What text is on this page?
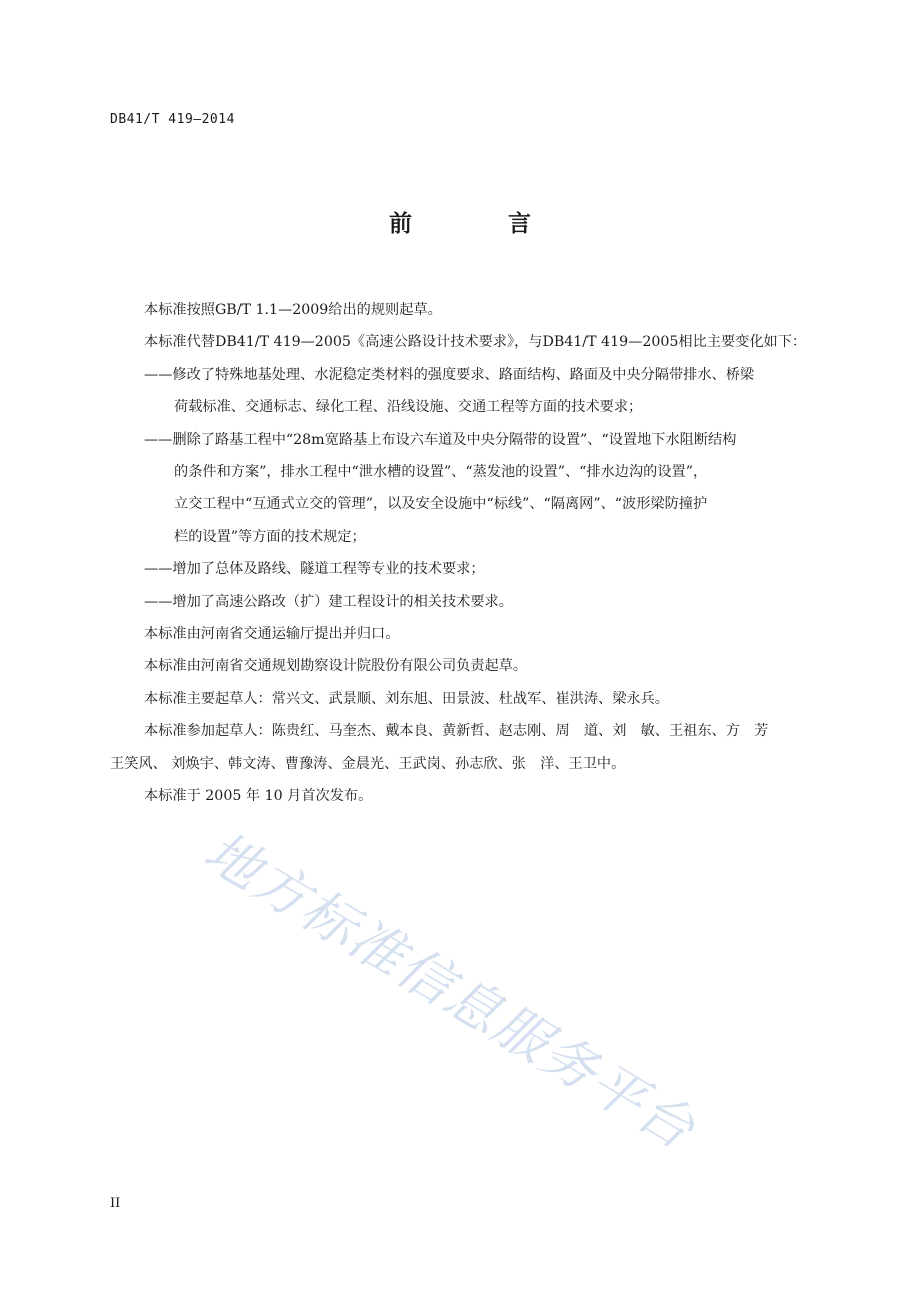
DB41/T 419—2014
前 言
本标准按照GB/T 1.1—2009给出的规则起草。
本标准代替DB41/T 419—2005《高速公路设计技术要求》，与DB41/T 419—2005相比主要变化如下：
——修改了特殊地基处理、水泥稳定类材料的强度要求、路面结构、路面及中央分隔带排水、桥梁
荷载标准、交通标志、绿化工程、沿线设施、交通工程等方面的技术要求；
——删除了路基工程中“28m宽路基上布设六车道及中央分隔带的设置”、“设置地下水阻断结构
的条件和方案”，排水工程中“泄水槽的设置”、“蒸发池的设置”、“排水边沟的设置”，
立交工程中“互通式立交的管理”，以及安全设施中“标线”、“隔离网”、“波形梁防撞护
栏的设置”等方面的技术规定；
——增加了总体及路线、隧道工程等专业的技术要求；
——增加了高速公路改（扩）建工程设计的相关技术要求。
本标准由河南省交通运输厅提出并归口。
本标准由河南省交通规划勘察设计院股份有限公司负责起草。
本标准主要起草人：常兴文、武景顺、刘东旭、田景波、杜战军、崔洪涛、梁永兵。
本标准参加起草人：陈贵红、马奎杰、戴本良、黄新哲、赵志刚、周　道、刘　敏、王祖东、方　芳
王笑风、 刘焕宇、韩文涛、曹豫涛、金晨光、王武岗、孙志欣、张　洋、王卫中。
本标准于 2005 年 10 月首次发布。
地方标准信息服务平台
II
